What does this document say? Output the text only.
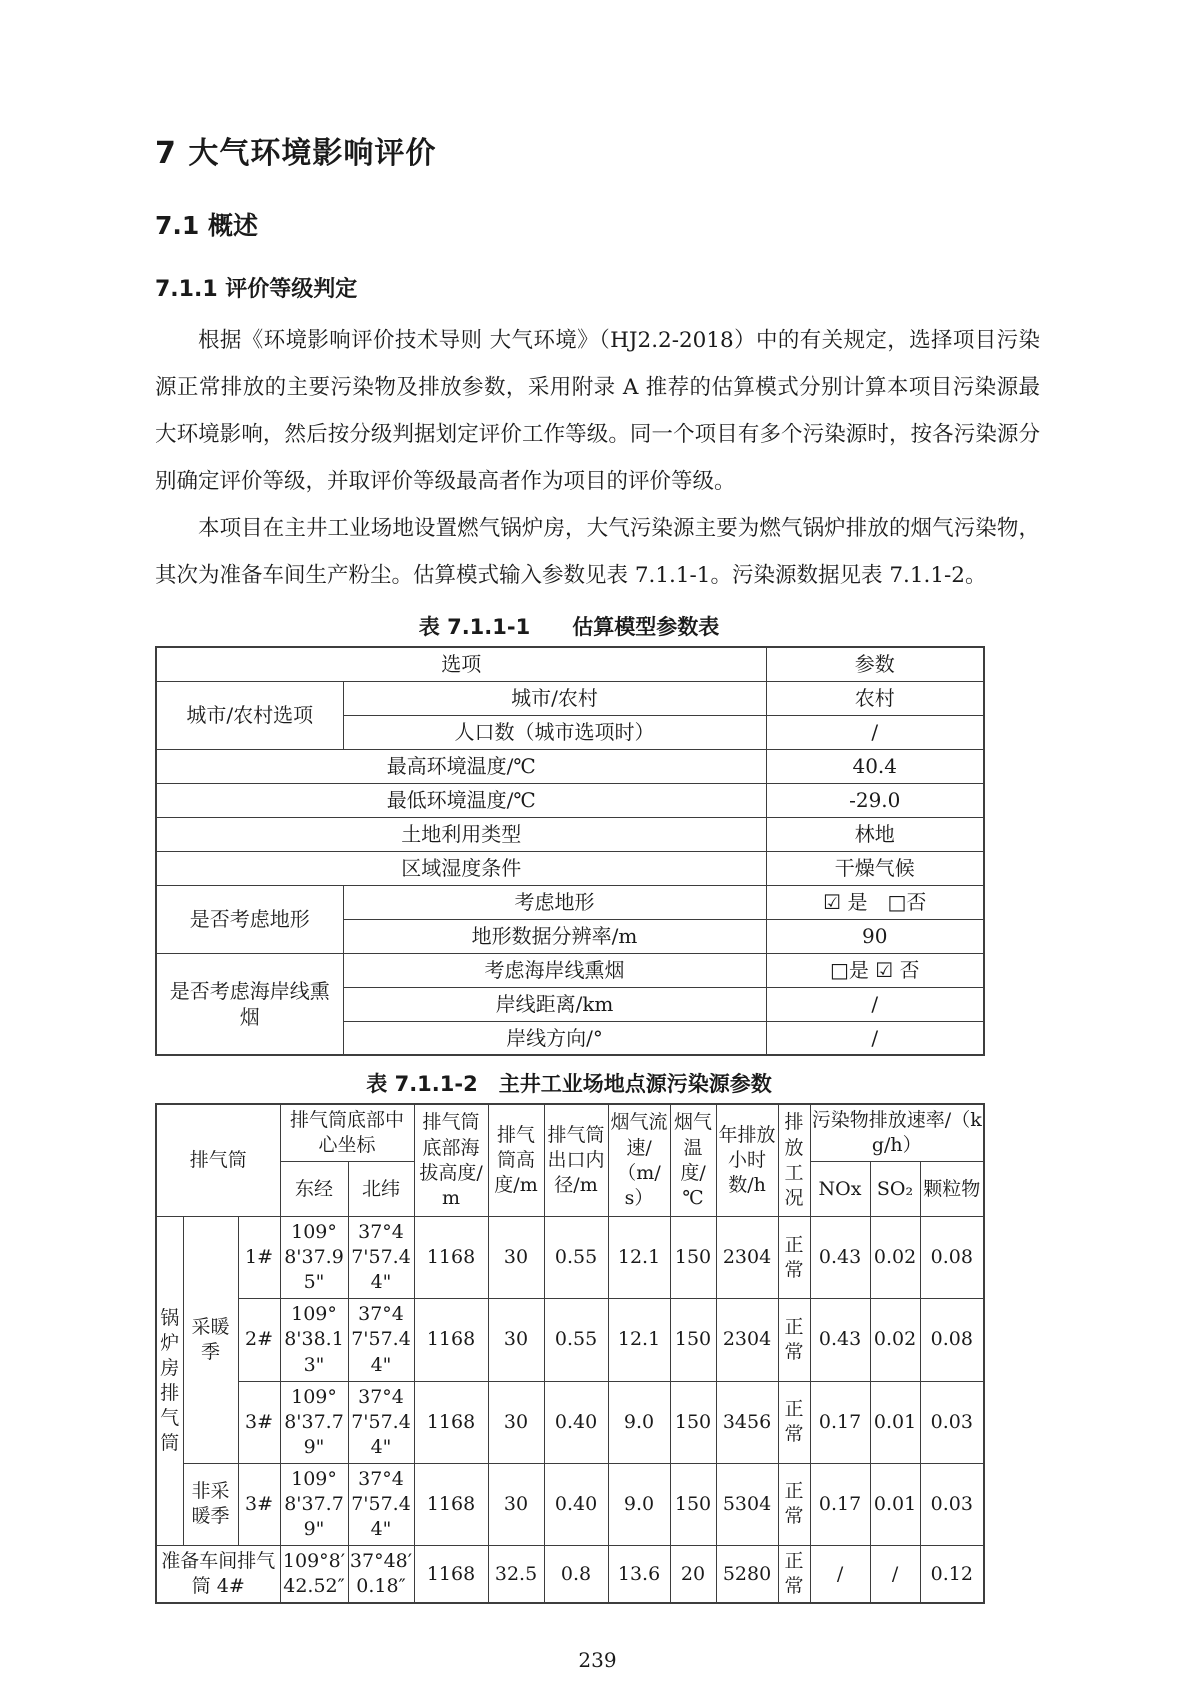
7 大气环境影响评价
7.1 概述
7.1.1 评价等级判定

根据《环境影响评价技术导则 大气环境》（HJ2.2-2018）中的有关规定，选择项目污染源正常排放的主要污染物及排放参数，采用附录 A 推荐的估算模式分别计算本项目污染源最大环境影响，然后按分级判据划定评价工作等级。同一个项目有多个污染源时，按各污染源分别确定评价等级，并取评价等级最高者作为项目的评价等级。

本项目在主井工业场地设置燃气锅炉房，大气污染源主要为燃气锅炉排放的烟气污染物，其次为准备车间生产粉尘。估算模式输入参数见表 7.1.1-1。污染源数据见表 7.1.1-2。

表 7.1.1-1　　估算模型参数表
选项		参数
城市/农村选项	城市/农村	农村
	人口数（城市选项时）	/
最高环境温度/℃		40.4
最低环境温度/℃		-29.0
土地利用类型		林地
区域湿度条件		干燥气候
是否考虑地形	考虑地形	☑ 是　□否
	地形数据分辨率/m	90
是否考虑海岸线熏烟	考虑海岸线熏烟	□是 ☑ 否
	岸线距离/km	/
	岸线方向/°	/
表 7.1.1-2　主井工业场地点源污染源参数
排气筒			排气筒底部中心坐标		排气筒底部海拔高度/m	排气筒高度/m	排气筒出口内径/m	烟气流速/（m/s）	烟气温度/℃	年排放小时数/h	排放工况	污染物排放速率/（kg/h）		
			东经	北纬								NOx	SO₂	颗粒物
锅炉房排气筒	采暖季	1#	109°8'37.95"	37°47'57.44"	1168	30	0.55	12.1	150	2304	正常	0.43	0.02	0.08
		2#	109°8'38.13"	37°47'57.44"	1168	30	0.55	12.1	150	2304	正常	0.43	0.02	0.08
		3#	109°8'37.79"	37°47'57.44"	1168	30	0.40	9.0	150	3456	正常	0.17	0.01	0.03
	非采暖季	3#	109°8'37.79"	37°47'57.44"	1168	30	0.40	9.0	150	5304	正常	0.17	0.01	0.03
准备车间排气筒 4#			109°8′42.52″	37°48′0.18″	1168	32.5	0.8	13.6	20	5280	正常	/	/	0.12
239
